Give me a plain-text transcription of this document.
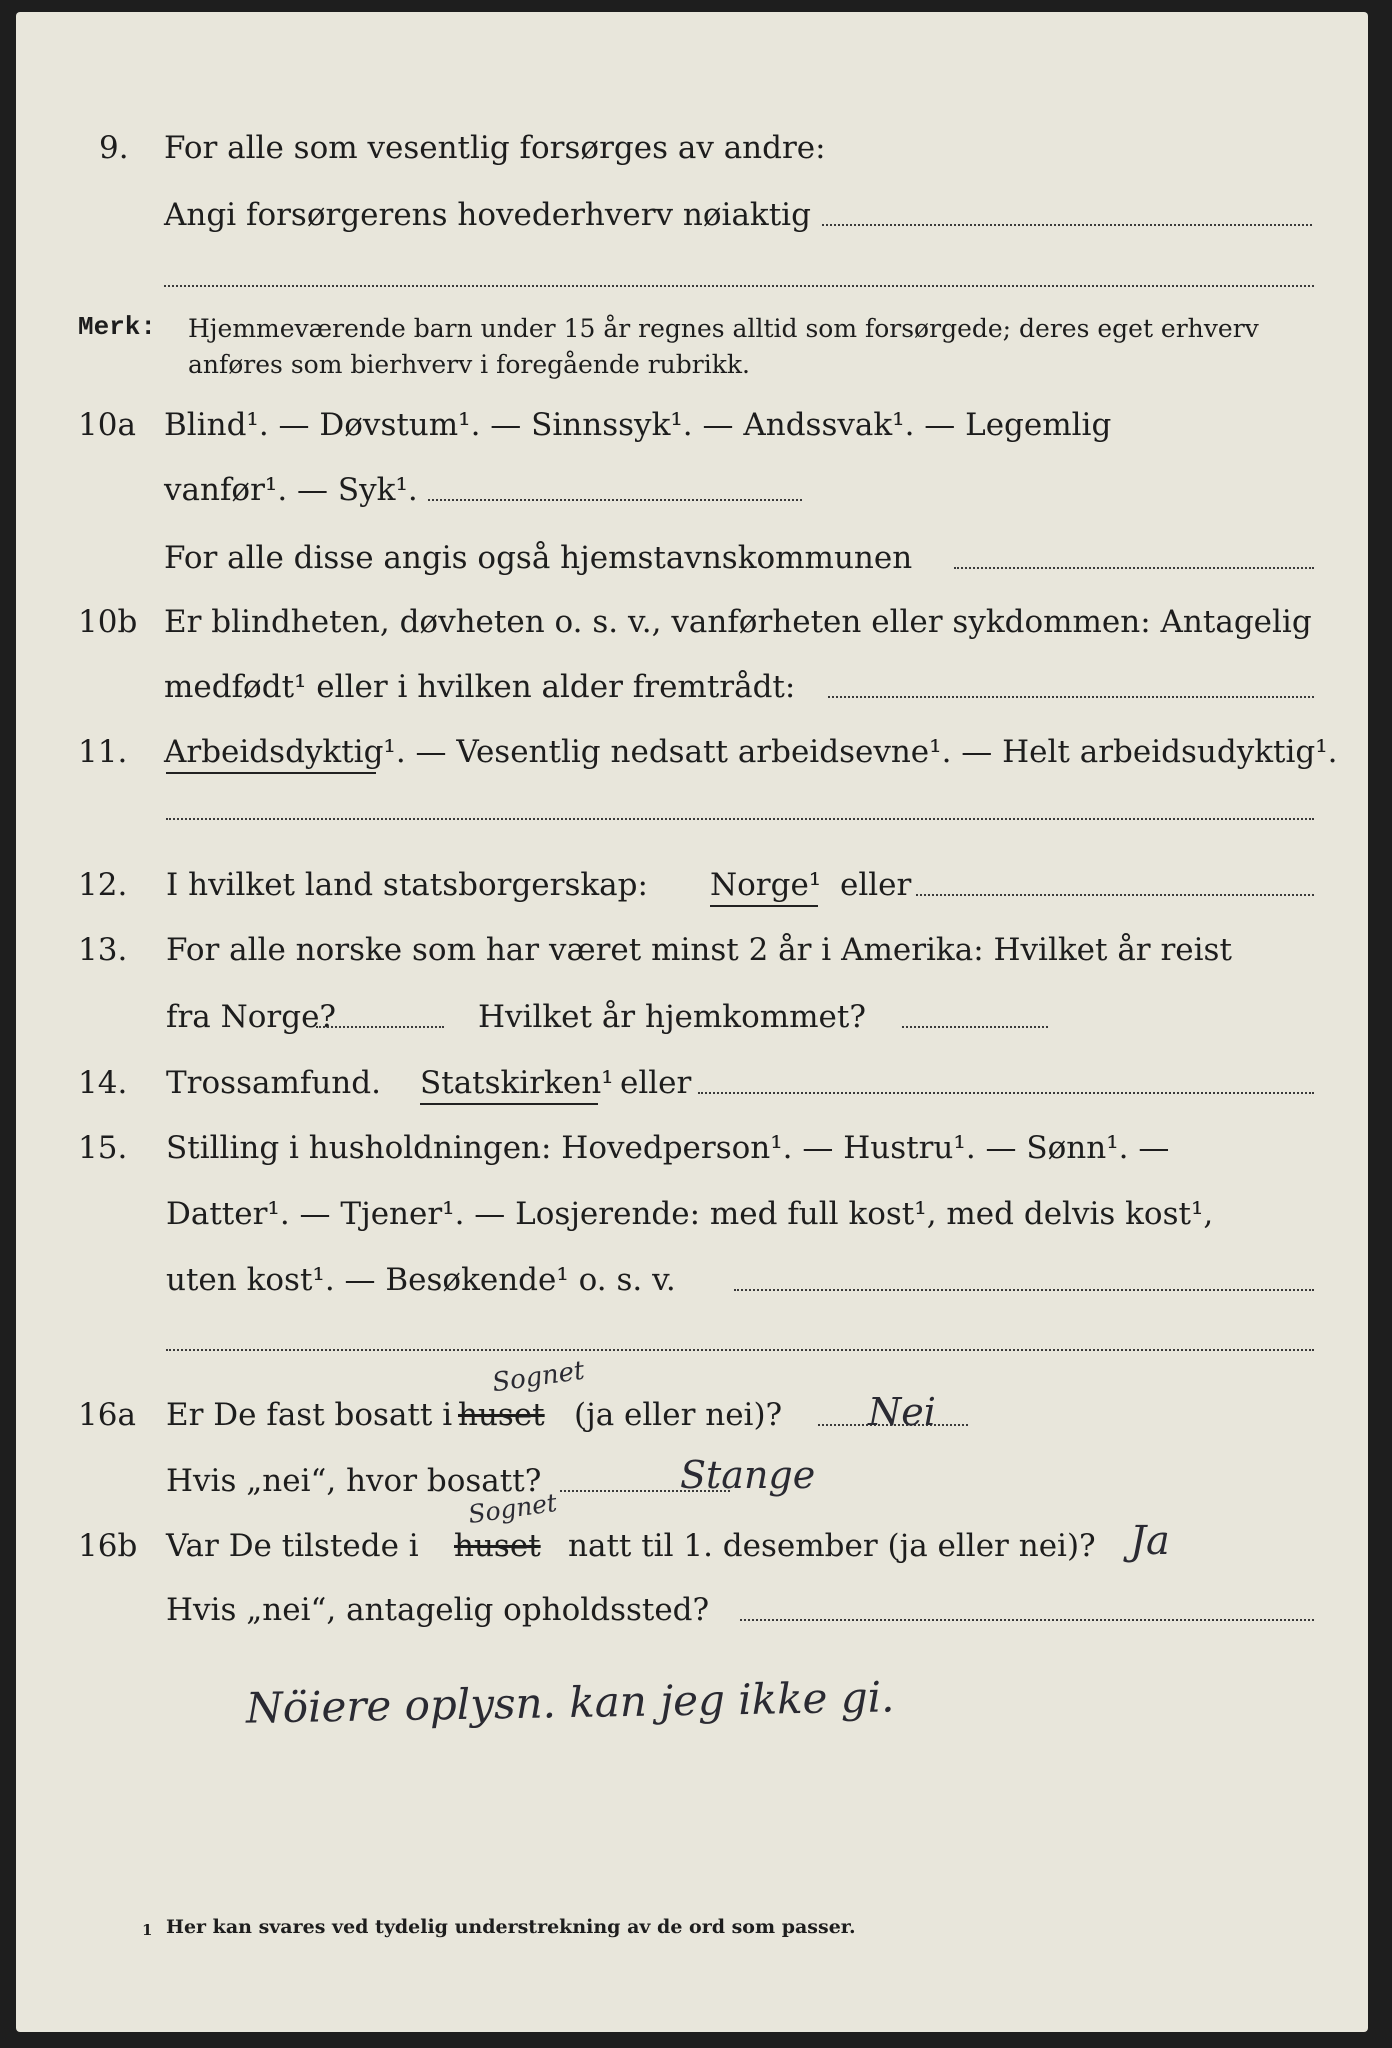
9. For alle som vesentlig forsørges av andre:
Angi forsørgerens hovederhverv nøiaktig
Merk: Hjemmeværende barn under 15 år regnes alltid som forsørgede; deres eget erhverv
anføres som bierhverv i foregående rubrikk.
10a Blind¹. — Døvstum¹. — Sinnssyk¹. — Andssvak¹. — Legemlig
vanfør¹. — Syk¹.
For alle disse angis også hjemstavnskommunen
10b Er blindheten, døvheten o. s. v., vanførheten eller sykdommen: Antagelig
medfødt¹ eller i hvilken alder fremtrådt:
11. Arbeidsdyktig¹. — Vesentlig nedsatt arbeidsevne¹. — Helt arbeidsudyktig¹.
12. I hvilket land statsborgerskap: Norge¹ eller
13. For alle norske som har været minst 2 år i Amerika: Hvilket år reist
fra Norge?	Hvilket år hjemkommet?
14. Trossamfund. Statskirken¹ eller
15. Stilling i husholdningen: Hovedperson¹. — Hustru¹. — Sønn¹. —
Datter¹. — Tjener¹. — Losjerende: med full kost¹, med delvis kost¹,
uten kost¹. — Besøkende¹ o. s. v.
16a Er De fast bosatt i huset (ja eller nei)?
Hvis „nei“, hvor bosatt?
16b Var De tilstede i huset natt til 1. desember (ja eller nei)?
Hvis „nei“, antagelig opholdssted?
Sognet
Nei
Stange
Sognet
Ja
Nöiere oplysn. kan jeg ikke gi.
1 Her kan svares ved tydelig understrekning av de ord som passer.
